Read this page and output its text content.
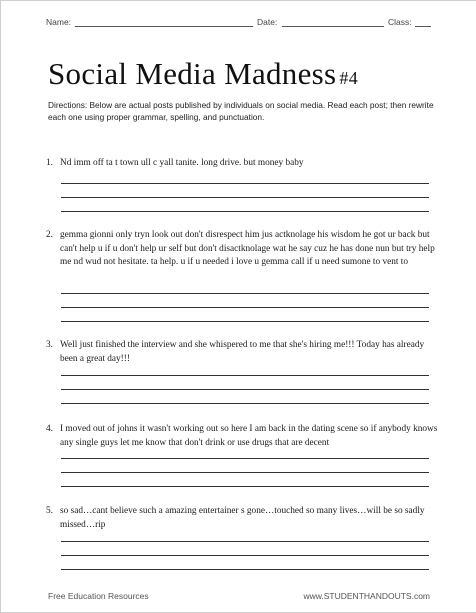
Name:	Date:	Class:
Social Media Madness #4
Directions: Below are actual posts published by individuals on social media. Read each post; then rewrite each one using proper grammar, spelling, and punctuation.
1. Nd imm off ta t town ull c yall tanite. long drive. but money baby
2. gemma gionni only tryn look out don't disrespect him jus actknolage his wisdom he got ur back but can't help u if u don't help ur self but don't disactknolage wat he say cuz he has done nun but try help me nd wud not hesitate. ta help. u if u needed i love u gemma call if u need sumone to vent to
3. Well just finished the interview and she whispered to me that she's hiring me!!! Today has already been a great day!!!
4. I moved out of johns it wasn't working out so here I am back in the dating scene so if anybody knows any single guys let me know that don't drink or use drugs that are decent
5. so sad…cant believe such a amazing entertainer s gone…touched so many lives…will be so sadly missed…rip
Free Education Resources	www.STUDENTHANDOUTS.com
